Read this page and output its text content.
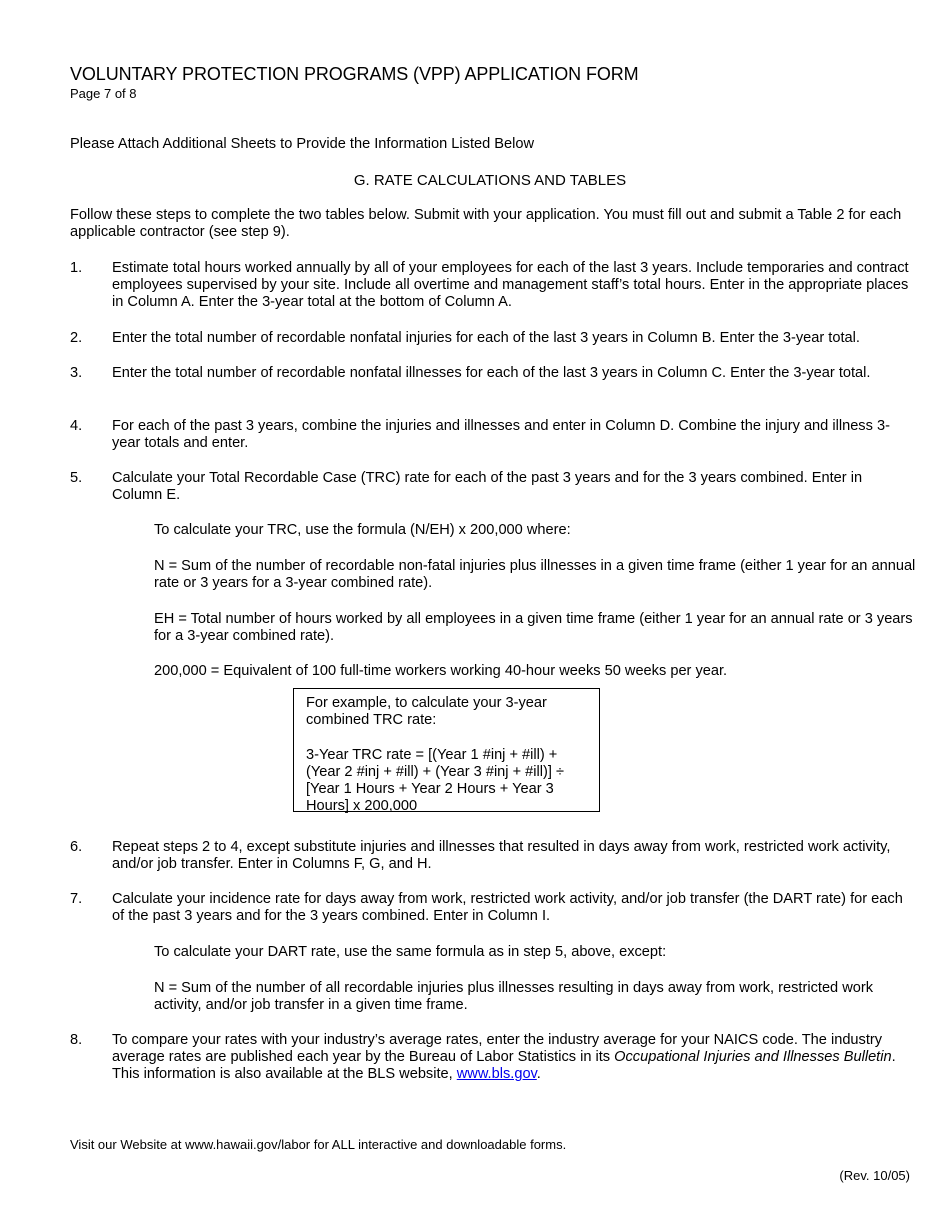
VOLUNTARY PROTECTION PROGRAMS (VPP) APPLICATION FORM
Page 7 of 8
Please Attach Additional Sheets to Provide the Information Listed Below
G. RATE CALCULATIONS AND TABLES
Follow these steps to complete the two tables below. Submit with your application. You must fill out and submit a Table 2 for each applicable contractor (see step 9).
1.	Estimate total hours worked annually by all of your employees for each of the last 3 years. Include temporaries and contract employees supervised by your site. Include all overtime and management staff’s total hours. Enter in the appropriate places in Column A. Enter the 3-year total at the bottom of Column A.
2.	Enter the total number of recordable nonfatal injuries for each of the last 3 years in Column B. Enter the 3-year total.
3.	Enter the total number of recordable nonfatal illnesses for each of the last 3 years in Column C. Enter the 3-year total.
4.	For each of the past 3 years, combine the injuries and illnesses and enter in Column D. Combine the injury and illness 3-year totals and enter.
5.	Calculate your Total Recordable Case (TRC) rate for each of the past 3 years and for the 3 years combined. Enter in Column E.
To calculate your TRC, use the formula (N/EH) x 200,000 where:
N = Sum of the number of recordable non-fatal injuries plus illnesses in a given time frame (either 1 year for an annual rate or 3 years for a 3-year combined rate).
EH = Total number of hours worked by all employees in a given time frame (either 1 year for an annual rate or 3 years for a 3-year combined rate).
200,000 = Equivalent of 100 full-time workers working 40-hour weeks 50 weeks per year.

For example, to calculate your 3-year combined TRC rate:

3-Year TRC rate = [(Year 1 #inj + #ill) + (Year 2 #inj + #ill) + (Year 3 #inj + #ill)] ÷ [Year 1 Hours + Year 2 Hours + Year 3 Hours] x 200,000

6.	Repeat steps 2 to 4, except substitute injuries and illnesses that resulted in days away from work, restricted work activity, and/or job transfer. Enter in Columns F, G, and H.
7.	Calculate your incidence rate for days away from work, restricted work activity, and/or job transfer (the DART rate) for each of the past 3 years and for the 3 years combined. Enter in Column I.
To calculate your DART rate, use the same formula as in step 5, above, except:
N = Sum of the number of all recordable injuries plus illnesses resulting in days away from work, restricted work activity, and/or job transfer in a given time frame.
8.	To compare your rates with your industry’s average rates, enter the industry average for your NAICS code. The industry average rates are published each year by the Bureau of Labor Statistics in its Occupational Injuries and Illnesses Bulletin. This information is also available at the BLS website, www.bls.gov.
Visit our Website at www.hawaii.gov/labor for ALL interactive and downloadable forms.
(Rev. 10/05)
